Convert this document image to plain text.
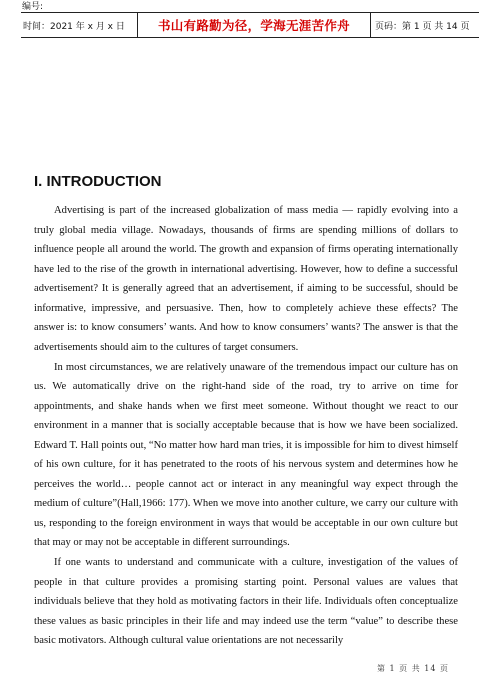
编号:
时间：2021 年 x 月 x 日	书山有路勤为径，学海无涯苦作舟	页码：第 1 页 共 14 页
I. INTRODUCTION

Advertising is part of the increased globalization of mass media — rapidly evolving into a truly global media village. Nowadays, thousands of firms are spending millions of dollars to influence people all around the world. The growth and expansion of firms operating internationally have led to the rise of the growth in international advertising. However, how to define a successful advertisement? It is generally agreed that an advertisement, if aiming to be successful, should be informative, impressive, and persuasive. Then, how to completely achieve these effects? The answer is: to know consumers’ wants. And how to know consumers’ wants? The answer is that the advertisements should aim to the cultures of target consumers.

In most circumstances, we are relatively unaware of the tremendous impact our culture has on us. We automatically drive on the right-hand side of the road, try to arrive on time for appointments, and shake hands when we first meet someone. Without thought we react to our environment in a manner that is socially acceptable because that is how we have been socialized. Edward T. Hall points out, “No matter how hard man tries, it is impossible for him to divest himself of his own culture, for it has penetrated to the roots of his nervous system and determines how he perceives the world… people cannot act or interact in any meaningful way expect through the medium of culture”(Hall,1966: 177). When we move into another culture, we carry our culture with us, responding to the foreign environment in ways that would be acceptable in our own culture but that may or may not be acceptable in different surroundings.

If one wants to understand and communicate with a culture, investigation of the values of people in that culture provides a promising starting point. Personal values are values that individuals believe that they hold as motivating factors in their life. Individuals often conceptualize these values as basic principles in their life and may indeed use the term “value” to describe these basic motivators. Although cultural value orientations are not necessarily

第 1 页 共 14 页
